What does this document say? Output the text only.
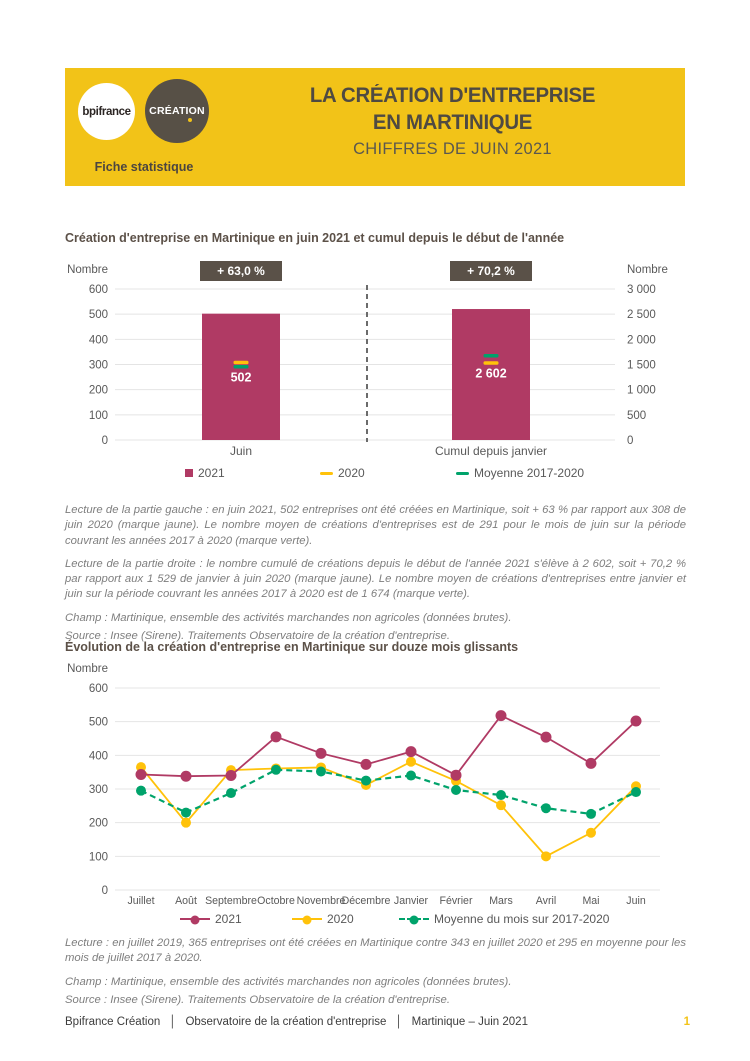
bpifrance CRÉATION
Fiche statistique
LA CRÉATION D'ENTREPRISE
EN MARTINIQUE
CHIFFRES DE JUIN 2021
Création d'entreprise en Martinique en juin 2021 et cumul depuis le début de l'année
600	3 000
500	2 500
400	2 000
300	1 500
200	1 000
100	500
0	0
Nombre	Nombre
+ 63,0 %
502
Juin
+ 70,2 %
2 602
Cumul depuis janvier
2021	2020	Moyenne 2017-2020

Lecture de la partie gauche : en juin 2021, 502 entreprises ont été créées en Martinique, soit + 63 % par rapport aux 308 de juin 2020 (marque jaune). Le nombre moyen de créations d'entreprises est de 291 pour le mois de juin sur la période couvrant les années 2017 à 2020 (marque verte).

Lecture de la partie droite : le nombre cumulé de créations depuis le début de l'année 2021 s'élève à 2 602, soit + 70,2 % par rapport aux 1 529 de janvier à juin 2020 (marque jaune). Le nombre moyen de créations d'entreprises entre janvier et juin sur la période couvrant les années 2017 à 2020 est de 1 674 (marque verte).

Champ : Martinique, ensemble des activités marchandes non agricoles (données brutes).

Source : Insee (Sirene). Traitements Observatoire de la création d'entreprise.

Évolution de la création d'entreprise en Martinique sur douze mois glissants
600
500
400
300
200
100
0
Nombre
Juillet Août Septembre Octobre Novembre
Décembre Janvier Février Mars Avril Mai	Juin
2021	2020	Moyenne du mois sur 2017-2020

Lecture : en juillet 2019, 365 entreprises ont été créées en Martinique contre 343 en juillet 2020 et 295 en moyenne pour les mois de juillet 2017 à 2020.

Champ : Martinique, ensemble des activités marchandes non agricoles (données brutes).

Source : Insee (Sirene). Traitements Observatoire de la création d'entreprise.

Bpifrance Création │ Observatoire de la création d'entreprise │ Martinique – Juin 2021	1
